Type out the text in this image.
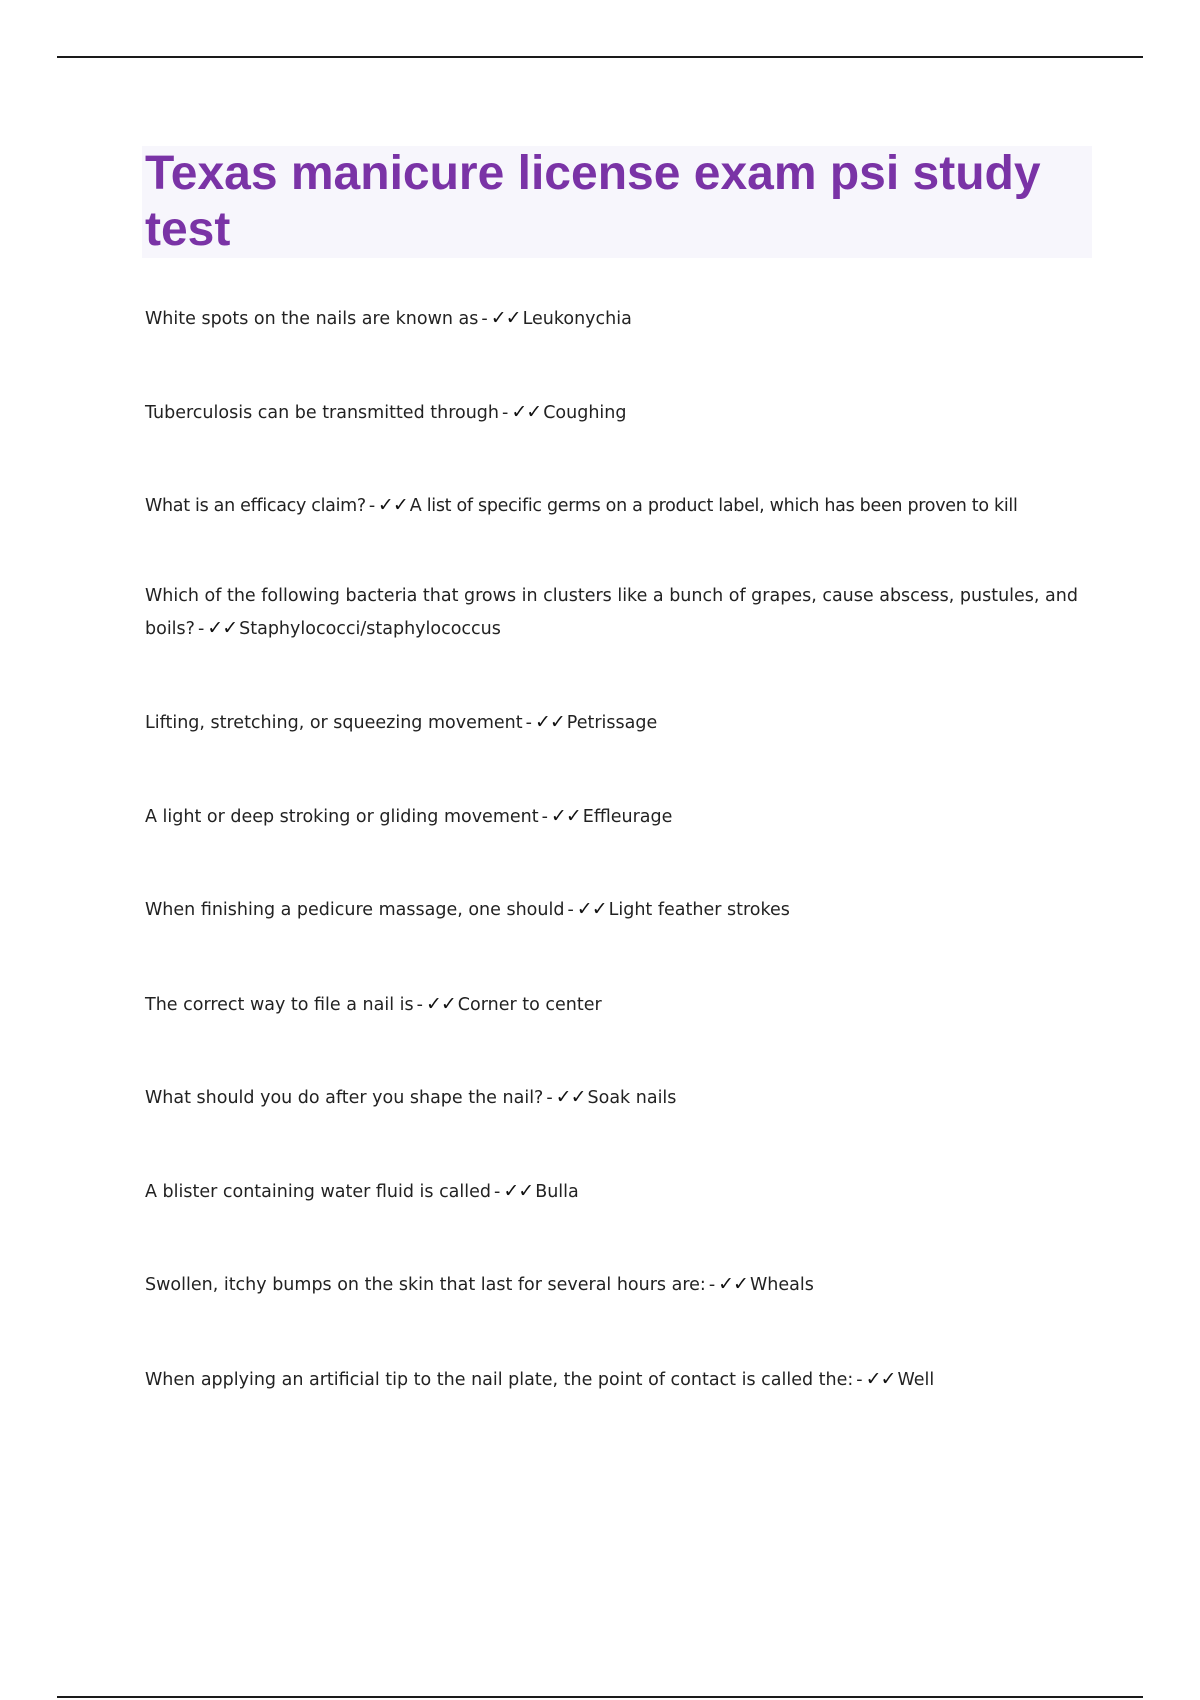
Texas manicure license exam psi study test

White spots on the nails are known as - ✓✓ Leukonychia

Tuberculosis can be transmitted through - ✓✓ Coughing

What is an efficacy claim? - ✓✓ A list of specific germs on a product label, which has been proven to kill

Which of the following bacteria that grows in clusters like a bunch of grapes, cause abscess, pustules, and boils? - ✓✓ Staphylococci/staphylococcus

Lifting, stretching, or squeezing movement - ✓✓ Petrissage

A light or deep stroking or gliding movement - ✓✓ Effleurage

When finishing a pedicure massage, one should - ✓✓ Light feather strokes

The correct way to file a nail is - ✓✓ Corner to center

What should you do after you shape the nail? - ✓✓ Soak nails

A blister containing water fluid is called - ✓✓ Bulla

Swollen, itchy bumps on the skin that last for several hours are: - ✓✓ Wheals

When applying an artificial tip to the nail plate, the point of contact is called the: - ✓✓ Well
